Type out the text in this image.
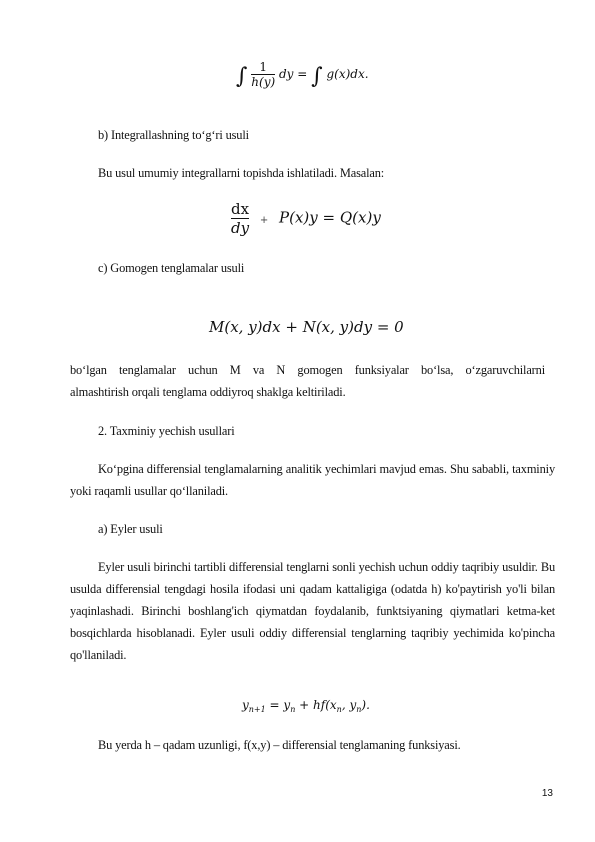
∫ $\frac{1}{h(y)}$ dy = ∫ g(x)dx.
b) Integrallashning to‘g‘ri usuli
Bu usul umumiy integrallarni topishda ishlatiladi. Masalan:
$\frac{dx}{dy} + P(x)y = Q(x)y$
c) Gomogen tenglamalar usuli
M(x, y)dx + N(x, y)dy = 0
bo‘lgan tenglamalar uchun M va N gomogen funksiyalar bo‘lsa, o‘zgaruvchilarni
almashtirish orqali tenglama oddiyroq shaklga keltiriladi.
2. Taxminiy yechish usullari
Ko‘pgina differensial tenglamalarning analitik yechimlari mavjud emas. Shu sababli, taxminiy yoki raqamli usullar qo‘llaniladi.
a) Eyler usuli
Eyler usuli birinchi tartibli differensial tenglarni sonli yechish uchun oddiy taqribiy usuldir. Bu usulda differensial tengdagi hosila ifodasi uni qadam kattaligiga (odatda h) ko'paytirish yo'li bilan yaqinlashadi. Birinchi boshlang'ich qiymatdan foydalanib, funktsiyaning qiymatlari ketma-ket bosqichlarda hisoblanadi. Eyler usuli oddiy differensial tenglarning taqribiy yechimida ko'pincha qo'llaniladi.
$y_{n+1} = y_n + hf(x_n$, $y_n$).
Bu yerda h – qadam uzunligi, f(x,y) – differensial tenglamaning funksiyasi.
13
